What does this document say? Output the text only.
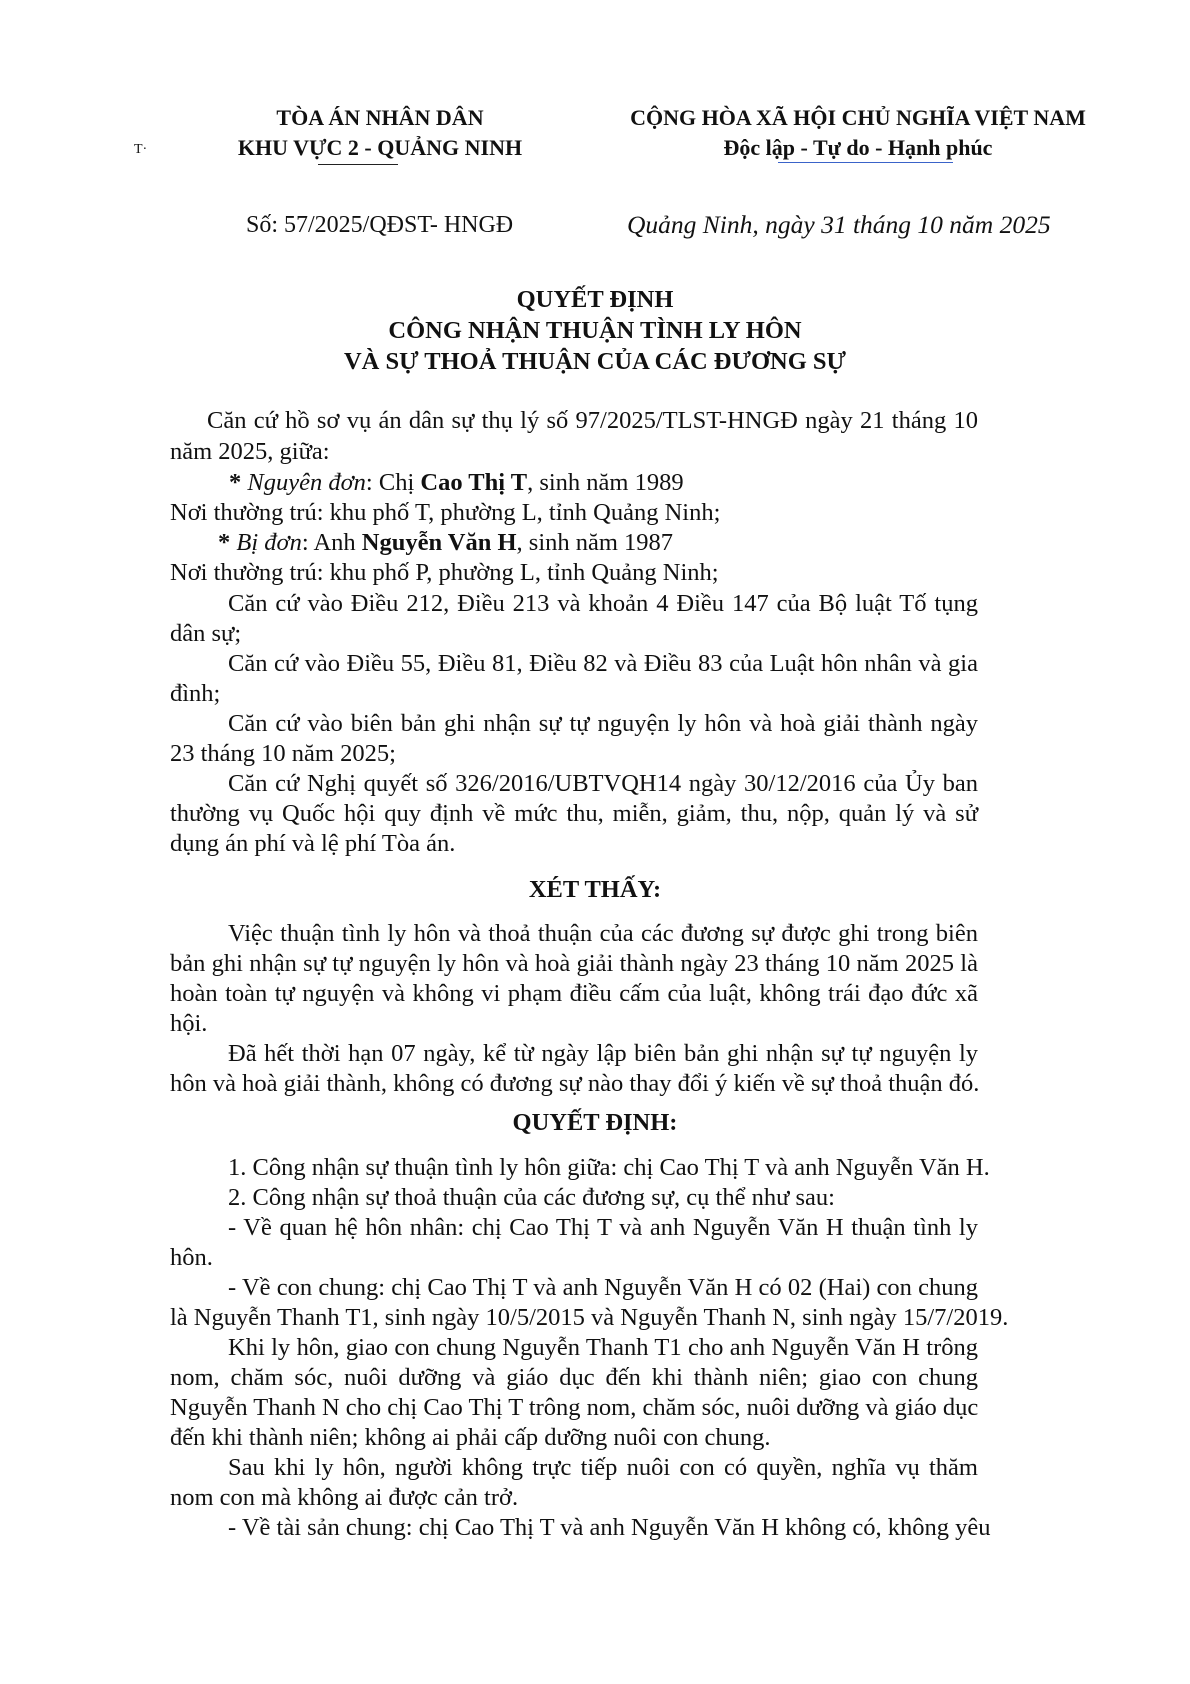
TÒA ÁN NHÂN DÂN
KHU VỰC 2 - QUẢNG NINH
T·
CỘNG HÒA XÃ HỘI CHỦ NGHĨA VIỆT NAM
Độc lập - Tự do - Hạnh phúc
Số: 57/2025/QĐST- HNGĐ	Quảng Ninh, ngày 31 tháng 10 năm 2025
QUYẾT ĐỊNH
CÔNG NHẬN THUẬN TÌNH LY HÔN
VÀ SỰ THOẢ THUẬN CỦA CÁC ĐƯƠNG SỰ
Căn cứ hồ sơ vụ án dân sự thụ lý số 97/2025/TLST-HNGĐ ngày 21 tháng 10
năm 2025, giữa:
* Nguyên đơn: Chị Cao Thị T, sinh năm 1989
Nơi thường trú: khu phố T, phường L, tỉnh Quảng Ninh;
* Bị đơn: Anh Nguyễn Văn H, sinh năm 1987
Nơi thường trú: khu phố P, phường L, tỉnh Quảng Ninh;
Căn cứ vào Điều 212, Điều 213 và khoản 4 Điều 147 của Bộ luật Tố tụng
dân sự;
Căn cứ vào Điều 55, Điều 81, Điều 82 và Điều 83 của Luật hôn nhân và gia
đình;
Căn cứ vào biên bản ghi nhận sự tự nguyện ly hôn và hoà giải thành ngày
23 tháng 10 năm 2025;
Căn cứ Nghị quyết số 326/2016/UBTVQH14 ngày 30/12/2016 của Ủy ban
thường vụ Quốc hội quy định về mức thu, miễn, giảm, thu, nộp, quản lý và sử
dụng án phí và lệ phí Tòa án.
XÉT THẤY:
Việc thuận tình ly hôn và thoả thuận của các đương sự được ghi trong biên
bản ghi nhận sự tự nguyện ly hôn và hoà giải thành ngày 23 tháng 10 năm 2025 là
hoàn toàn tự nguyện và không vi phạm điều cấm của luật, không trái đạo đức xã
hội.
Đã hết thời hạn 07 ngày, kể từ ngày lập biên bản ghi nhận sự tự nguyện ly
hôn và hoà giải thành, không có đương sự nào thay đổi ý kiến về sự thoả thuận đó.
QUYẾT ĐỊNH:
1. Công nhận sự thuận tình ly hôn giữa: chị Cao Thị T và anh Nguyễn Văn H.
2. Công nhận sự thoả thuận của các đương sự, cụ thể như sau:
- Về quan hệ hôn nhân: chị Cao Thị T và anh Nguyễn Văn H thuận tình ly
hôn.
- Về con chung: chị Cao Thị T và anh Nguyễn Văn H có 02 (Hai) con chung
là Nguyễn Thanh T1, sinh ngày 10/5/2015 và Nguyễn Thanh N, sinh ngày 15/7/2019.
Khi ly hôn, giao con chung Nguyễn Thanh T1 cho anh Nguyễn Văn H trông
nom, chăm sóc, nuôi dưỡng và giáo dục đến khi thành niên; giao con chung
Nguyễn Thanh N cho chị Cao Thị T trông nom, chăm sóc, nuôi dưỡng và giáo dục
đến khi thành niên; không ai phải cấp dưỡng nuôi con chung.
Sau khi ly hôn, người không trực tiếp nuôi con có quyền, nghĩa vụ thăm
nom con mà không ai được cản trở.
- Về tài sản chung: chị Cao Thị T và anh Nguyễn Văn H không có, không yêu
